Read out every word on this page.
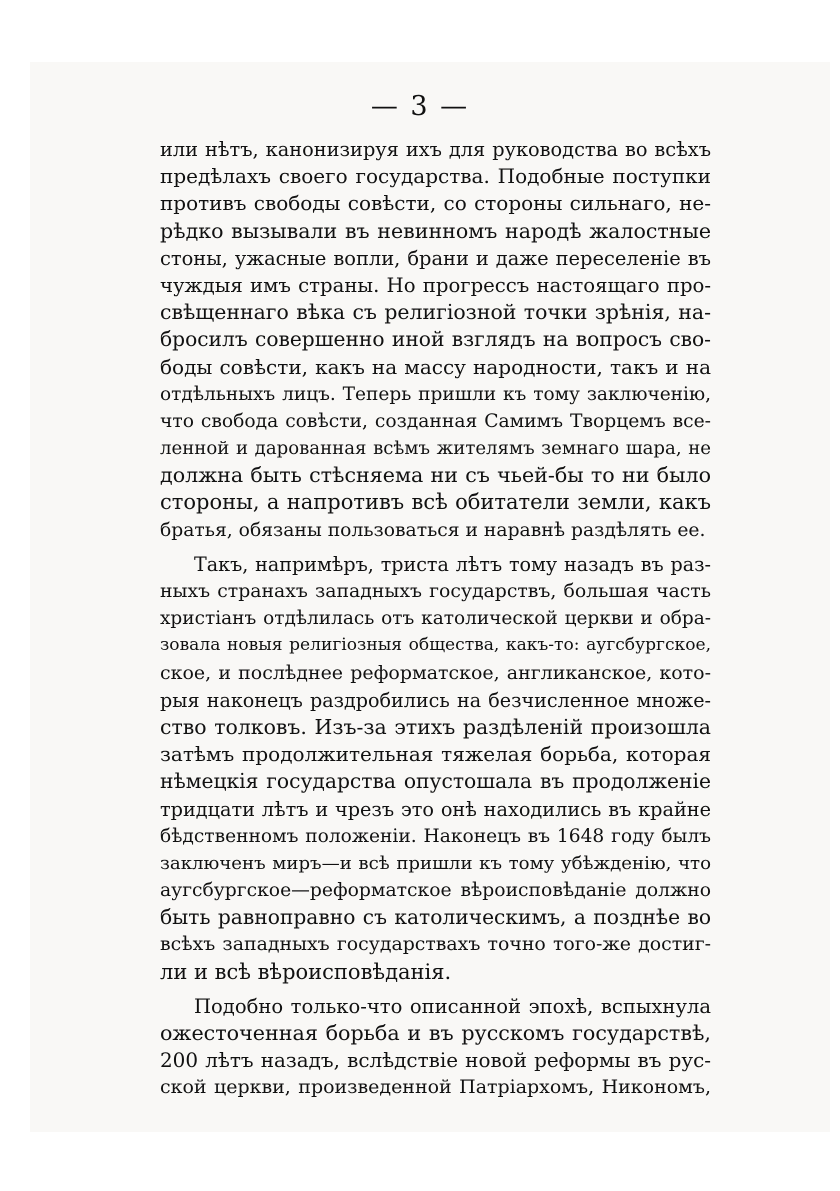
— 3 —
или нѣтъ, канонизируя ихъ для руководства во всѣхъ
предѣлахъ своего государства. Подобные поступки
противъ свободы совѣсти, со стороны сильнаго, не-
рѣдко вызывали въ невинномъ народѣ жалостные
стоны, ужасные вопли, брани и даже переселенiе въ
чуждыя имъ страны. Но прогрессъ настоящаго про-
свѣщеннаго вѣка съ религiозной точки зрѣнiя, на-
бросилъ совершенно иной взглядъ на вопросъ сво-
боды совѣсти, какъ на массу народности, такъ и на
отдѣльныхъ лицъ. Теперь пришли къ тому заключенiю,
что свобода совѣсти, созданная Самимъ Творцемъ все-
ленной и дарованная всѣмъ жителямъ земнаго шара, не
должна быть стѣсняема ни съ чьей-бы то ни было
стороны, а напротивъ всѣ обитатели земли, какъ
братья, обязаны пользоваться и наравнѣ раздѣлять ее.
Такъ, напримѣръ, триста лѣтъ тому назадъ въ раз-
ныхъ странахъ западныхъ государствъ, большая часть
христiанъ отдѣлилась отъ католической церкви и обра-
зовала новыя религiозныя общества, какъ-то: аугсбургское,
ское, и послѣднее реформатское, англиканское, кото-
рыя наконецъ раздробились на безчисленное множе-
ство толковъ. Изъ-за этихъ раздѣленiй произошла
затѣмъ продолжительная тяжелая борьба, которая
нѣмецкiя государства опустошала въ продолженiе
тридцати лѣтъ и чрезъ это онѣ находились въ крайне
бѣдственномъ положенiи. Наконецъ въ 1648 году былъ
заключенъ миръ—и всѣ пришли къ тому убѣжденiю, что
аугсбургское—реформатское вѣроисповѣданiе должно
быть равноправно съ католическимъ, а позднѣе во
всѣхъ западныхъ государствахъ точно того-же достиг-
ли и всѣ вѣроисповѣданiя.
Подобно только-что описанной эпохѣ, вспыхнула
ожесточенная борьба и въ русскомъ государствѣ,
200 лѣтъ назадъ, вслѣдствiе новой реформы въ рус-
ской церкви, произведенной Патрiархомъ, Никономъ,
